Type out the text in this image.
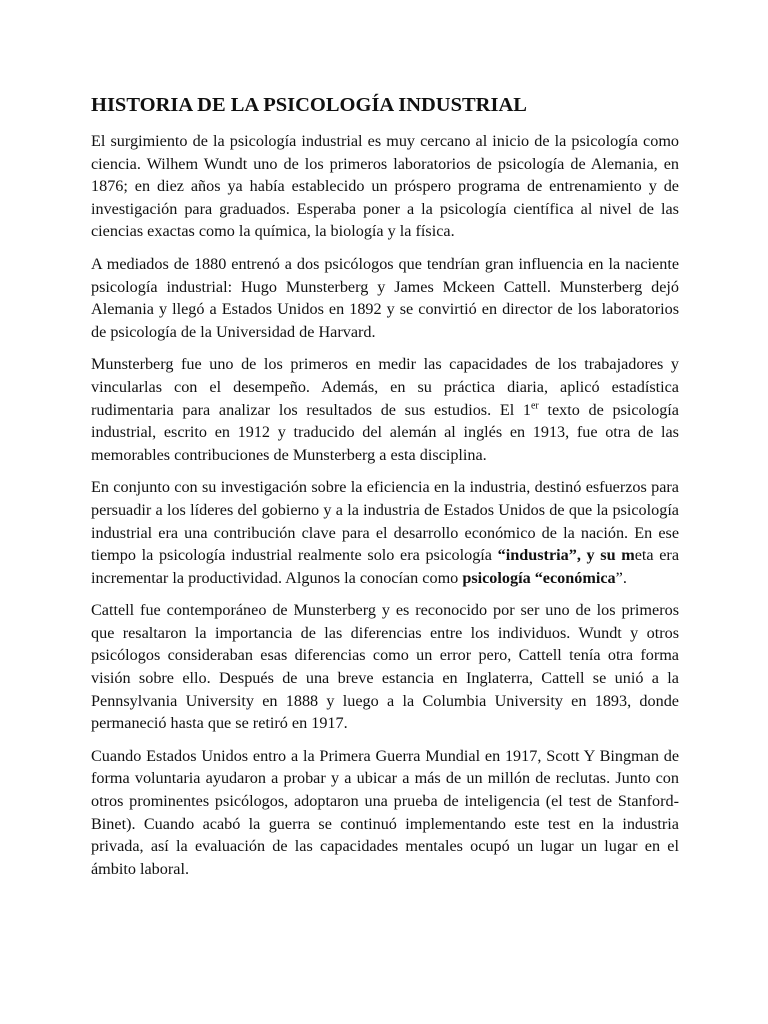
HISTORIA DE LA PSICOLOGÍA INDUSTRIAL

El surgimiento de la psicología industrial es muy cercano al inicio de la psicología como ciencia. Wilhem Wundt uno de los primeros laboratorios de psicología de Alemania, en 1876; en diez años ya había establecido un próspero programa de entrenamiento y de investigación para graduados. Esperaba poner a la psicología científica al nivel de las ciencias exactas como la química, la biología y la física.

A mediados de 1880 entrenó a dos psicólogos que tendrían gran influencia en la naciente psicología industrial: Hugo Munsterberg y James Mckeen Cattell. Munsterberg dejó Alemania y llegó a Estados Unidos en 1892 y se convirtió en director de los laboratorios de psicología de la Universidad de Harvard.

Munsterberg fue uno de los primeros en medir las capacidades de los trabajadores y vincularlas con el desempeño. Además, en su práctica diaria, aplicó estadística rudimentaria para analizar los resultados de sus estudios. El 1er texto de psicología industrial, escrito en 1912 y traducido del alemán al inglés en 1913, fue otra de las memorables contribuciones de Munsterberg a esta disciplina.

En conjunto con su investigación sobre la eficiencia en la industria, destinó esfuerzos para persuadir a los líderes del gobierno y a la industria de Estados Unidos de que la psicología industrial era una contribución clave para el desarrollo económico de la nación. En ese tiempo la psicología industrial realmente solo era psicología “industria”, y su meta era incrementar la productividad. Algunos la conocían como psicología “económica”.

Cattell fue contemporáneo de Munsterberg y es reconocido por ser uno de los primeros que resaltaron la importancia de las diferencias entre los individuos. Wundt y otros psicólogos consideraban esas diferencias como un error pero, Cattell tenía otra forma visión sobre ello. Después de una breve estancia en Inglaterra, Cattell se unió a la Pennsylvania University en 1888 y luego a la Columbia University en 1893, donde permaneció hasta que se retiró en 1917.

Cuando Estados Unidos entro a la Primera Guerra Mundial en 1917, Scott Y Bingman de forma voluntaria ayudaron a probar y a ubicar a más de un millón de reclutas. Junto con otros prominentes psicólogos, adoptaron una prueba de inteligencia (el test de Stanford-Binet). Cuando acabó la guerra se continuó implementando este test en la industria privada, así la evaluación de las capacidades mentales ocupó un lugar un lugar en el ámbito laboral.
